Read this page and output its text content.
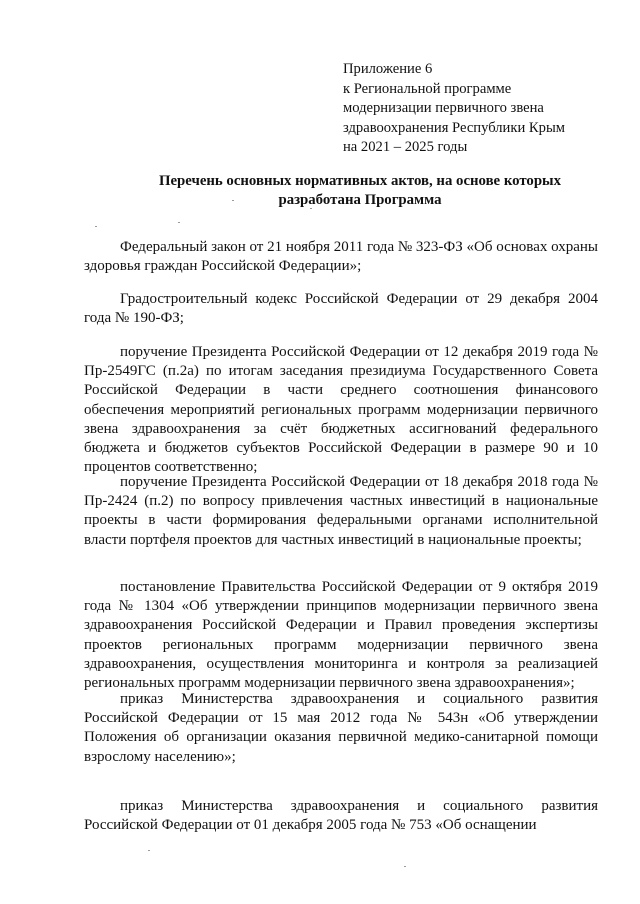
Приложение 6
к Региональной программе
модернизации первичного звена
здравоохранения Республики Крым
на 2021 – 2025 годы
Перечень основных нормативных актов, на основе которых
разработана Программа
Федеральный закон от 21 ноября 2011 года № 323-ФЗ «Об основах охраны здоровья граждан Российской Федерации»;
Градостроительный кодекс Российской Федерации от 29 декабря 2004 года № 190-ФЗ;
поручение Президента Российской Федерации от 12 декабря 2019 года № Пр-2549ГС (п.2а) по итогам заседания президиума Государственного Совета Российской Федерации в части среднего соотношения финансового обеспечения мероприятий региональных программ модернизации первичного звена здравоохранения за счёт бюджетных ассигнований федерального бюджета и бюджетов субъектов Российской Федерации в размере 90 и 10 процентов соответственно;
поручение Президента Российской Федерации от 18 декабря 2018 года № Пр-2424 (п.2) по вопросу привлечения частных инвестиций в национальные проекты в части формирования федеральными органами исполнительной власти портфеля проектов для частных инвестиций в национальные проекты;
постановление Правительства Российской Федерации от 9 октября 2019 года № 1304 «Об утверждении принципов модернизации первичного звена здравоохранения Российской Федерации и Правил проведения экспертизы проектов региональных программ модернизации первичного звена здравоохранения, осуществления мониторинга и контроля за реализацией региональных программ модернизации первичного звена здравоохранения»;
приказ Министерства здравоохранения и социального развития Российской Федерации от 15 мая 2012 года № 543н «Об утверждении Положения об организации оказания первичной медико-санитарной помощи взрослому населению»;
приказ Министерства здравоохранения и социального развития Российской Федерации от 01 декабря 2005 года № 753 «Об оснащении
